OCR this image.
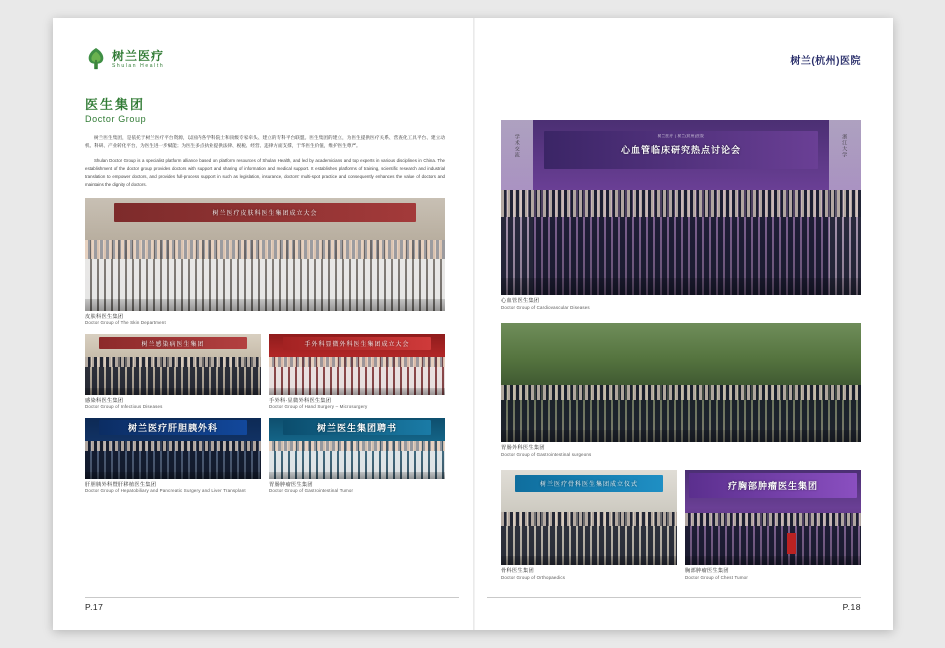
树兰医疗
Shulan Health
医生集团
Doctor Group

树兰医生集团，是依托于树兰医疗平台资源，以国内各学科院士和顶级专家牵头、建立的专科平台联盟。医生集团的建立，为医生提供医疗关系、营查化工具平台、建立动机、科研、产业转化平台，为医生进一步赋能；为医生多点执业提供法律、税税、经营、违律方面支撑，于华医生价值，维护医生尊严。

Shulan Doctor Group is a specialist platform alliance based on platform resources of Shulan Health, and led by academicians and top experts in various disciplines in China. The establishment of the doctor group provides doctors with support and sharing of information and medical support. It establishes platforms of training, scientific research and industrial translation to empower doctors, and provides full-process support in such as legislation, insurance, doctors' multi-spot practice and consequently enhances the value of doctors and maintains the dignity of doctors.

树兰医疗皮肤科医生集团成立大会
皮肤科医生集团
Doctor Group of The Skin Department
树兰感染病医生集团
感染科医生集团
Doctor Group of Infectious Diseases
手外科显微外科医生集团成立大会
手外科·显微外科医生集团
Doctor Group of Hand Surgery – Microsurgery
树兰医疗肝胆胰外科
肝胆胰外科暨肝移植医生集团
Doctor Group of Hepatobiliary and Pancreatic Surgery and Liver Transplant
树兰医生集团聘书
胃肠肿瘤医生集团
Doctor Group of Gastrointestinal Tumor
P.17
树兰(杭州)医院
树兰医疗 | 树兰(杭州)医院
心血管临床研究热点讨论会
学术交流	浙江大学
心血管医生集团
Doctor Group of Cardiovascular Diseases
胃肠外科医生集团
Doctor Group of Gastrointestinal surgeons
树兰医疗骨科医生集团成立仪式
骨科医生集团
Doctor Group of Orthopaedics
疗胸部肿瘤医生集团
胸部肿瘤医生集团
Doctor Group of Chest Tumor
P.18
